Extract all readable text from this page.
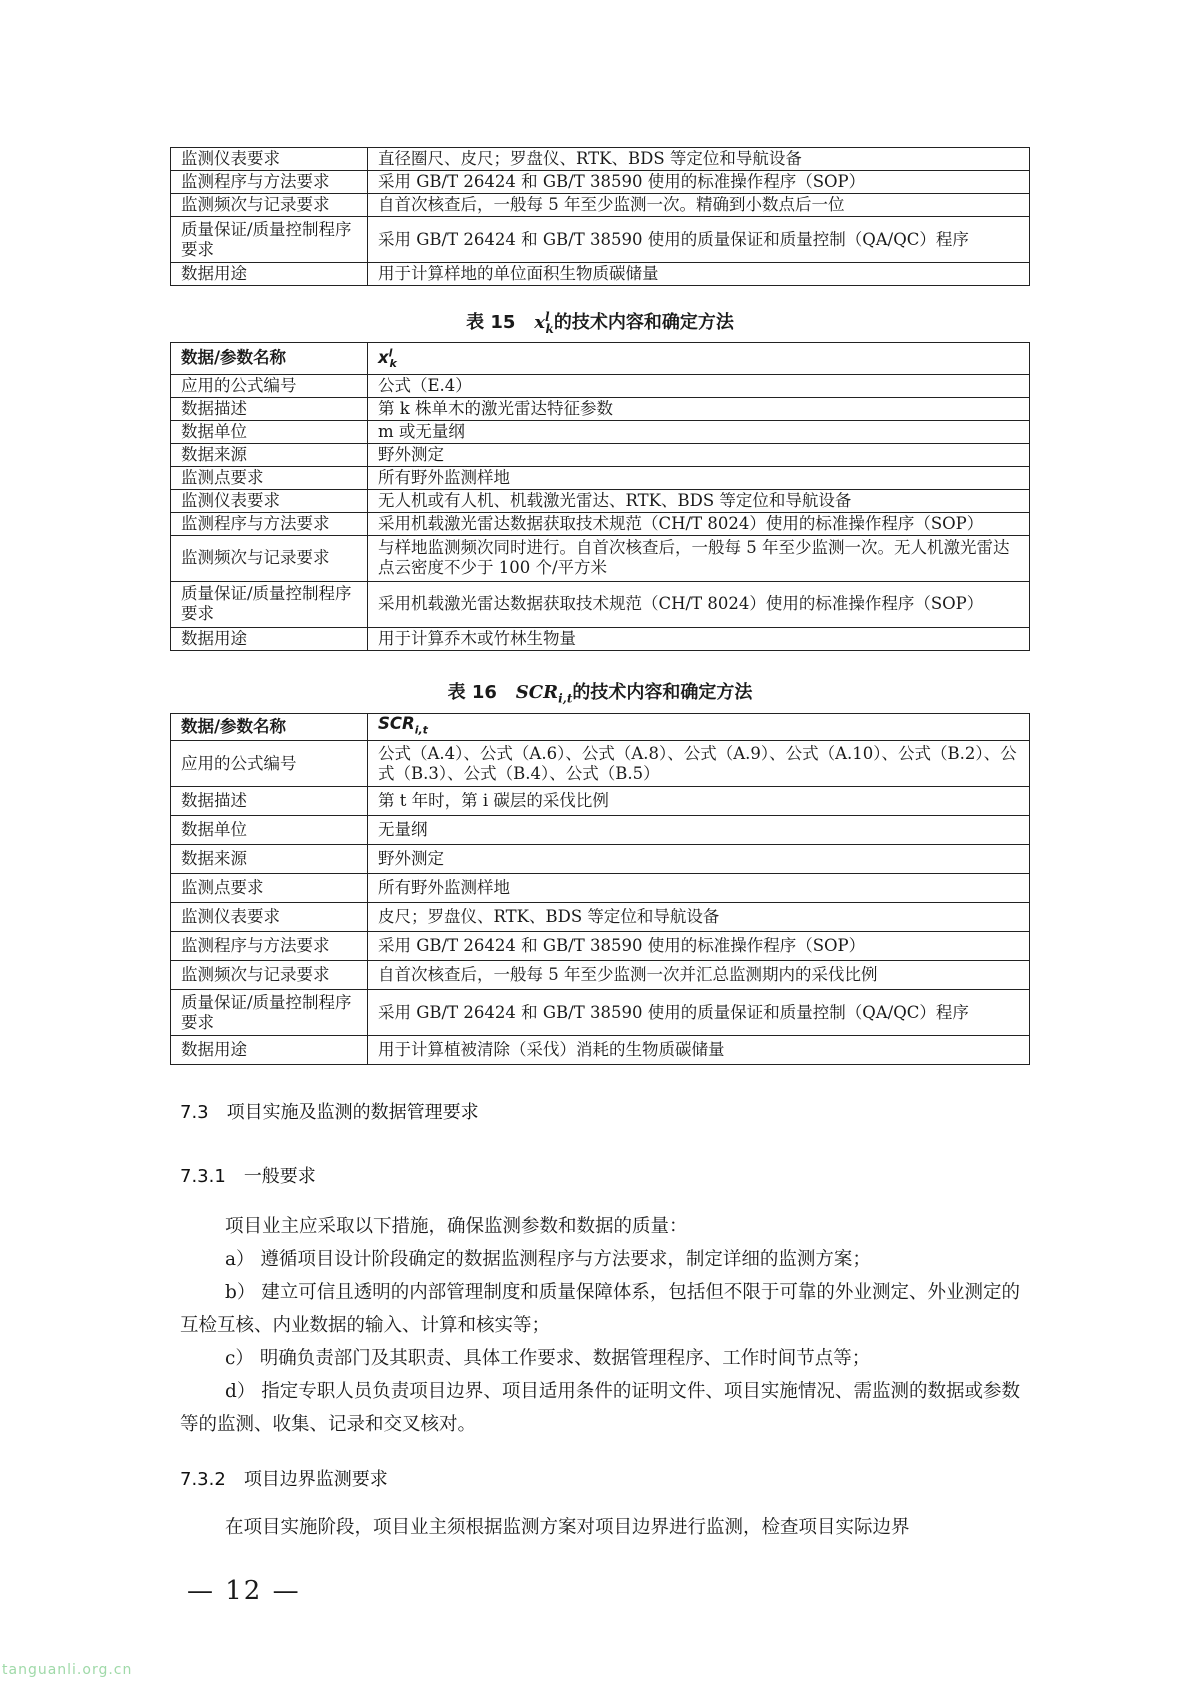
监测仪表要求	直径圈尺、皮尺；罗盘仪、RTK、BDS 等定位和导航设备
监测程序与方法要求	采用 GB/T 26424 和 GB/T 38590 使用的标准操作程序（SOP）
监测频次与记录要求	自首次核查后，一般每 5 年至少监测一次。精确到小数点后一位
质量保证/质量控制程序要求	采用 GB/T 26424 和 GB/T 38590 使用的质量保证和质量控制（QA/QC）程序
数据用途	用于计算样地的单位面积生物质碳储量
表 15 $x^l_k$的技术内容和确定方法
数据/参数名称	$x^l_k$
应用的公式编号	公式（E.4）
数据描述	第 k 株单木的激光雷达特征参数
数据单位	m 或无量纲
数据来源	野外测定
监测点要求	所有野外监测样地
监测仪表要求	无人机或有人机、机载激光雷达、RTK、BDS 等定位和导航设备
监测程序与方法要求	采用机载激光雷达数据获取技术规范（CH/T 8024）使用的标准操作程序（SOP）
监测频次与记录要求	与样地监测频次同时进行。自首次核查后，一般每 5 年至少监测一次。无人机激光雷达点云密度不少于 100 个/平方米
质量保证/质量控制程序要求	采用机载激光雷达数据获取技术规范（CH/T 8024）使用的标准操作程序（SOP）
数据用途	用于计算乔木或竹林生物量
表 16 $SCR_{i,t}$的技术内容和确定方法
数据/参数名称	$SCR_{i,t}$
应用的公式编号	公式（A.4）、公式（A.6）、公式（A.8）、公式（A.9）、公式（A.10）、公式（B.2）、公式（B.3）、公式（B.4）、公式（B.5）
数据描述	第 t 年时，第 i 碳层的采伐比例
数据单位	无量纲
数据来源	野外测定
监测点要求	所有野外监测样地
监测仪表要求	皮尺；罗盘仪、RTK、BDS 等定位和导航设备
监测程序与方法要求	采用 GB/T 26424 和 GB/T 38590 使用的标准操作程序（SOP）
监测频次与记录要求	自首次核查后，一般每 5 年至少监测一次并汇总监测期内的采伐比例
质量保证/质量控制程序要求	采用 GB/T 26424 和 GB/T 38590 使用的质量保证和质量控制（QA/QC）程序
数据用途	用于计算植被清除（采伐）消耗的生物质碳储量
7.3 项目实施及监测的数据管理要求
7.3.1 一般要求
项目业主应采取以下措施，确保监测参数和数据的质量：
a） 遵循项目设计阶段确定的数据监测程序与方法要求，制定详细的监测方案；
b） 建立可信且透明的内部管理制度和质量保障体系，包括但不限于可靠的外业测定、外业测定的互检互核、内业数据的输入、计算和核实等；
c） 明确负责部门及其职责、具体工作要求、数据管理程序、工作时间节点等；
d） 指定专职人员负责项目边界、项目适用条件的证明文件、项目实施情况、需监测的数据或参数等的监测、收集、记录和交叉核对。
7.3.2 项目边界监测要求
在项目实施阶段，项目业主须根据监测方案对项目边界进行监测，检查项目实际边界
— 12 —
tanguanli.org.cn
